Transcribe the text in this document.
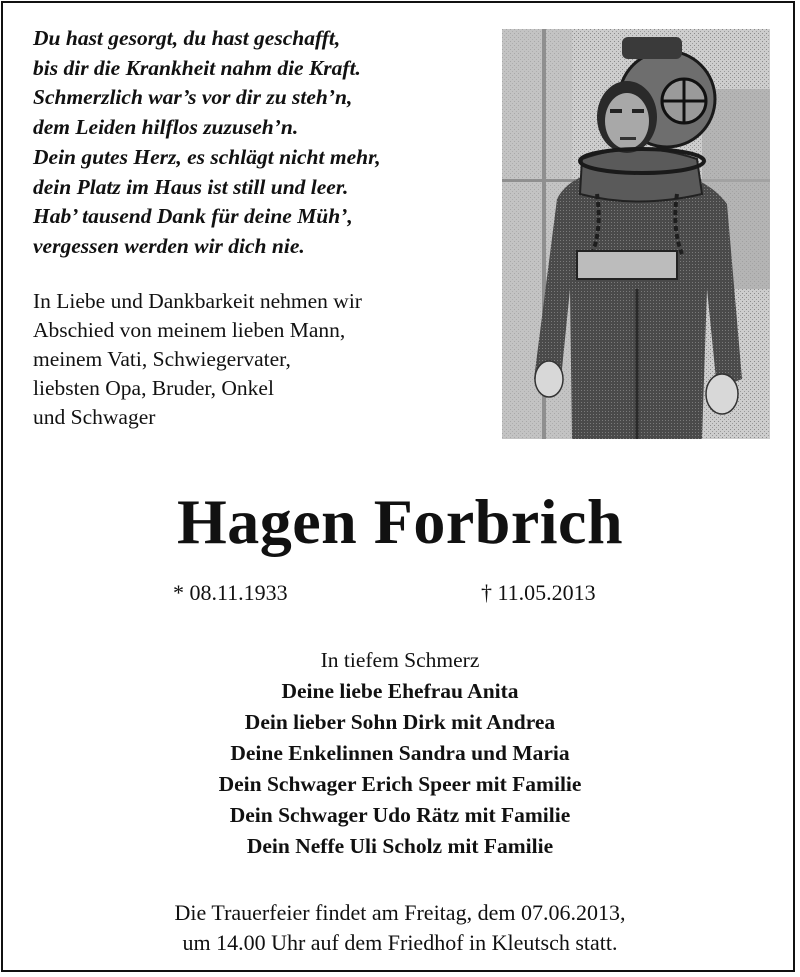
Du hast gesorgt, du hast geschafft,
bis dir die Krankheit nahm die Kraft.
Schmerzlich war’s vor dir zu steh’n,
dem Leiden hilflos zuzuseh’n.
Dein gutes Herz, es schlägt nicht mehr,
dein Platz im Haus ist still und leer.
Hab’ tausend Dank für deine Müh’,
vergessen werden wir dich nie.
In Liebe und Dankbarkeit nehmen wir
Abschied von meinem lieben Mann,
meinem Vati, Schwiegervater,
liebsten Opa, Bruder, Onkel
und Schwager
Hagen Forbrich
* 08.11.1933	† 11.05.2013
In tiefem Schmerz
Deine liebe Ehefrau Anita
Dein lieber Sohn Dirk mit Andrea
Deine Enkelinnen Sandra und Maria
Dein Schwager Erich Speer mit Familie
Dein Schwager Udo Rätz mit Familie
Dein Neffe Uli Scholz mit Familie
Die Trauerfeier findet am Freitag, dem 07.06.2013,
um 14.00 Uhr auf dem Friedhof in Kleutsch statt.
